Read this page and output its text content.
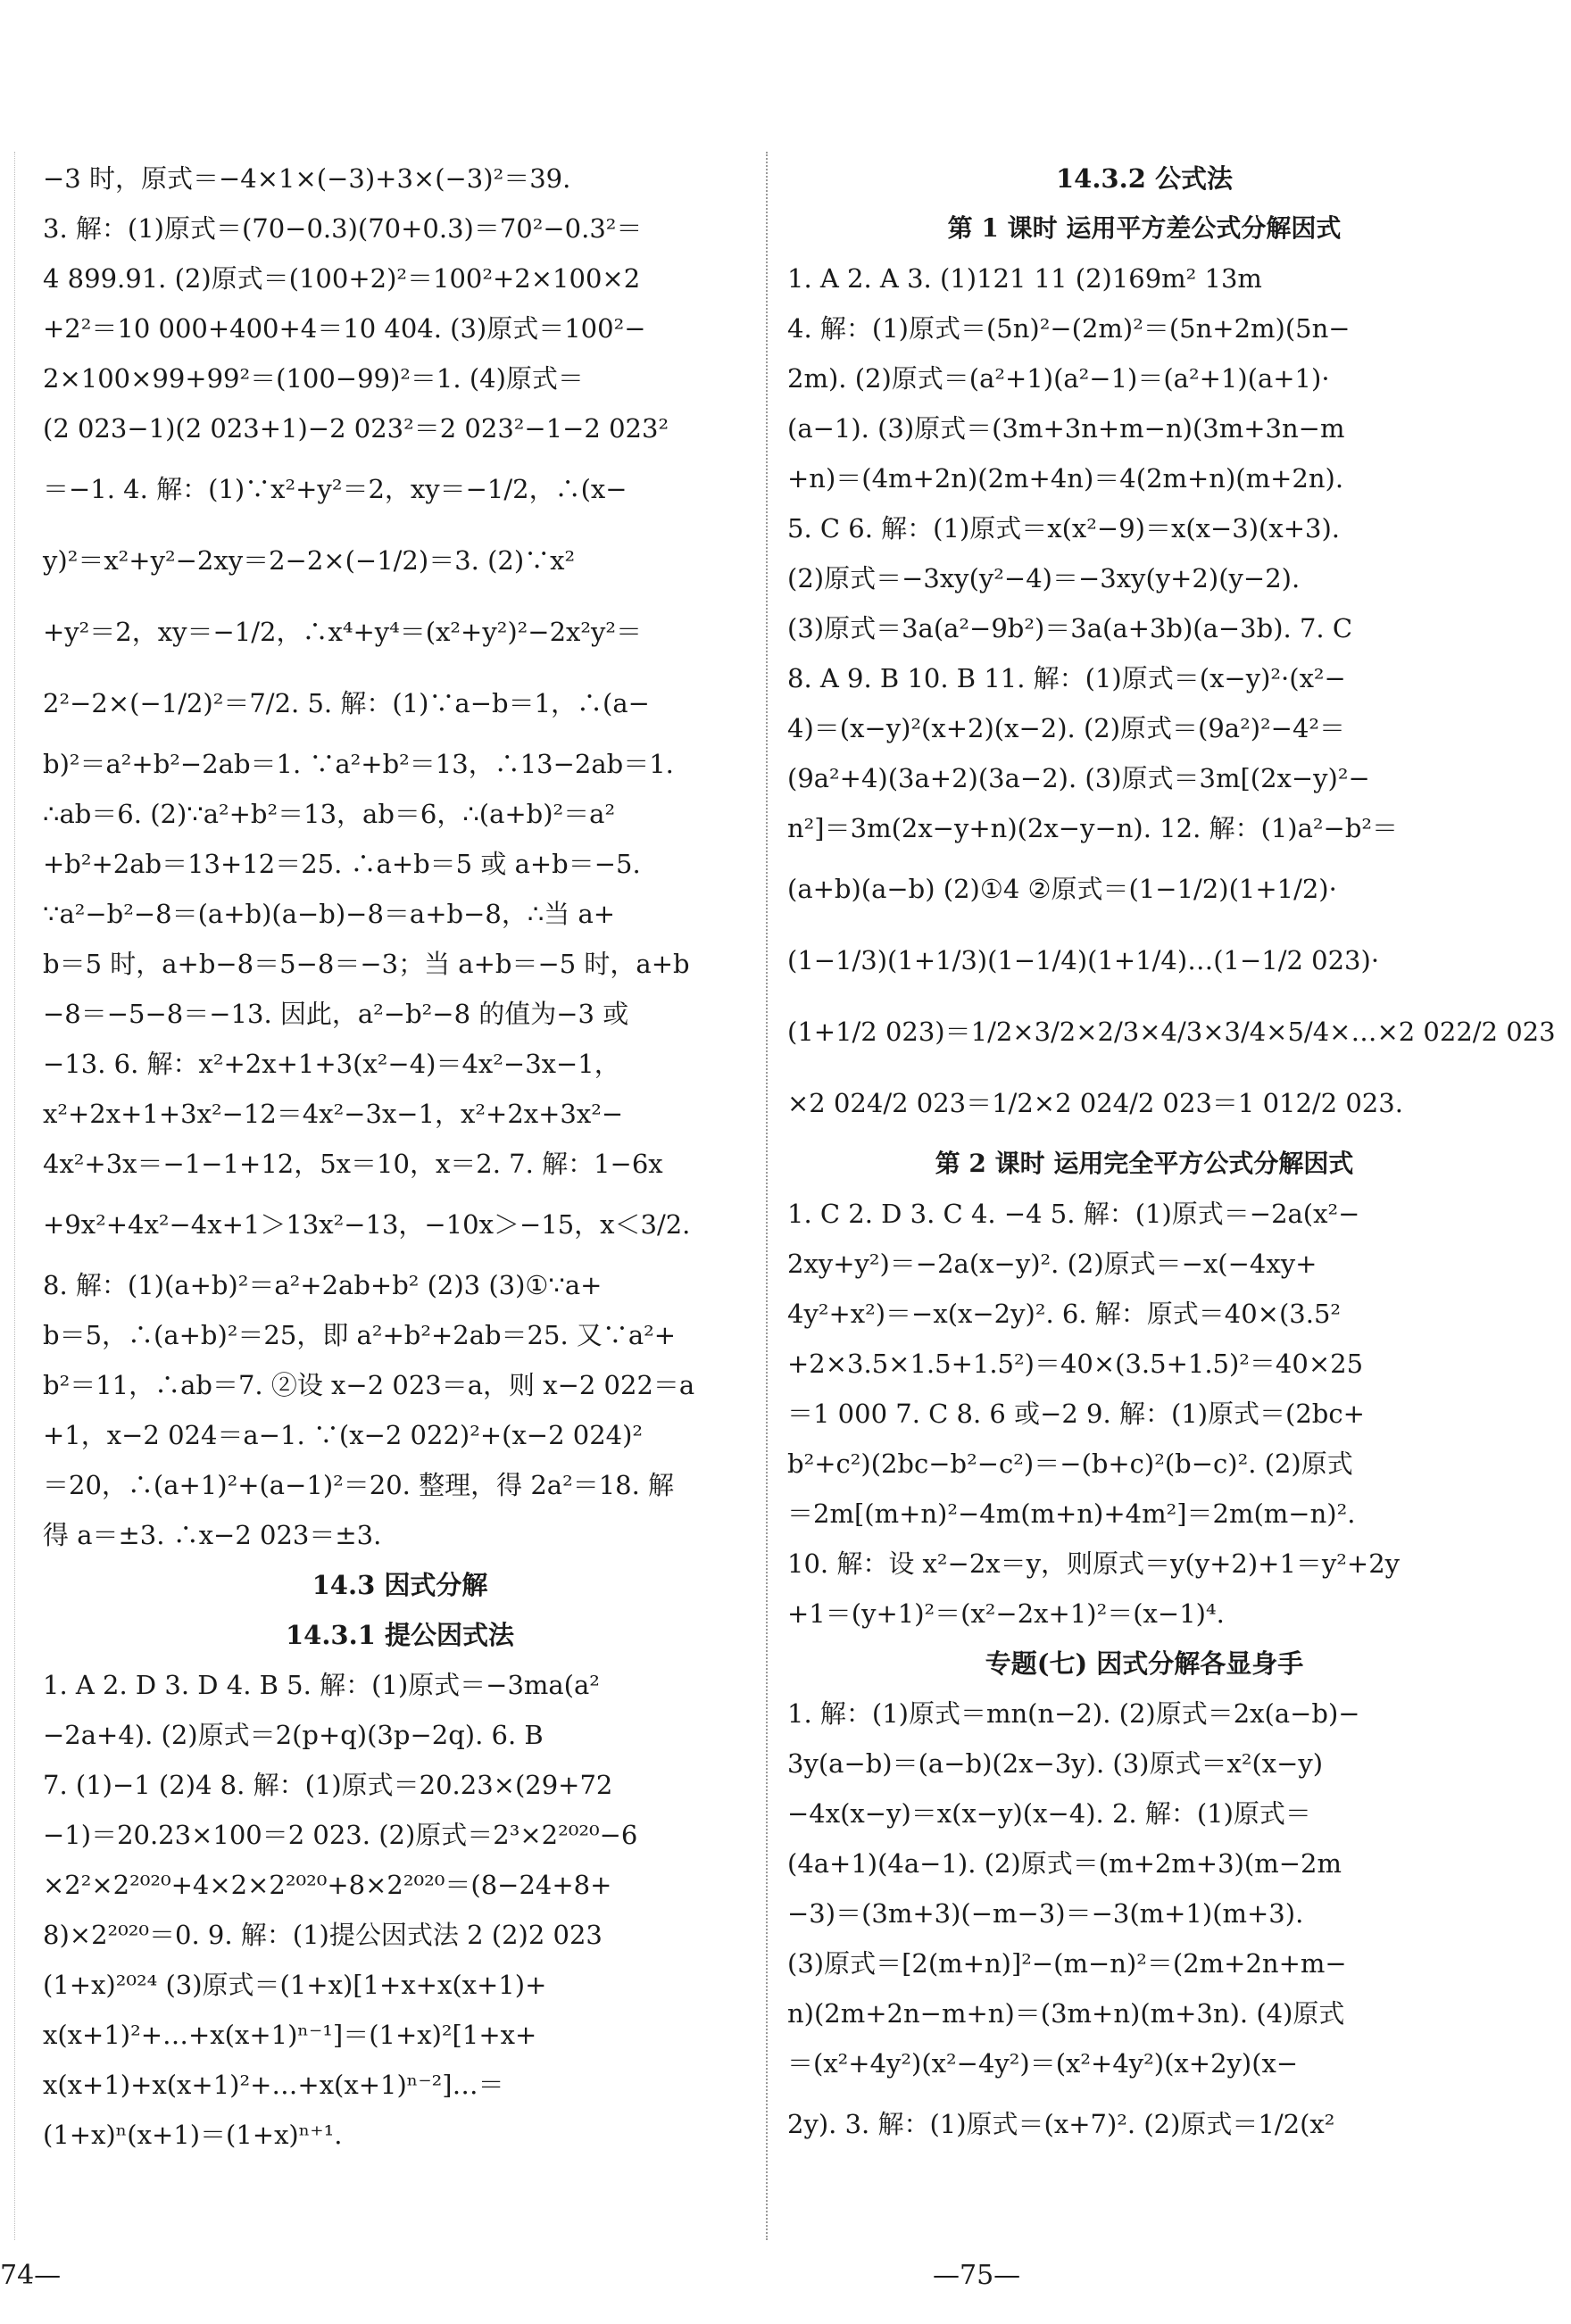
−3 时，原式＝−4×1×(−3)+3×(−3)²＝39.
3. 解：(1)原式＝(70−0.3)(70+0.3)＝70²−0.3²＝
4 899.91. (2)原式＝(100+2)²＝100²+2×100×2
+2²＝10 000+400+4＝10 404. (3)原式＝100²−
2×100×99+99²＝(100−99)²＝1. (4)原式＝
(2 023−1)(2 023+1)−2 023²＝2 023²−1−2 023²
＝−1. 4. 解：(1)∵x²+y²＝2，xy＝−1/2，∴(x−
y)²＝x²+y²−2xy＝2−2×(−1/2)＝3. (2)∵x²
+y²＝2，xy＝−1/2，∴x⁴+y⁴＝(x²+y²)²−2x²y²＝
2²−2×(−1/2)²＝7/2. 5. 解：(1)∵a−b＝1，∴(a−
b)²＝a²+b²−2ab＝1. ∵a²+b²＝13，∴13−2ab＝1.
∴ab＝6. (2)∵a²+b²＝13，ab＝6，∴(a+b)²＝a²
+b²+2ab＝13+12＝25. ∴a+b＝5 或 a+b＝−5.
∵a²−b²−8＝(a+b)(a−b)−8＝a+b−8，∴当 a+
b＝5 时，a+b−8＝5−8＝−3；当 a+b＝−5 时，a+b
−8＝−5−8＝−13. 因此，a²−b²−8 的值为−3 或
−13. 6. 解：x²+2x+1+3(x²−4)＝4x²−3x−1，
x²+2x+1+3x²−12＝4x²−3x−1，x²+2x+3x²−
4x²+3x＝−1−1+12，5x＝10，x＝2. 7. 解：1−6x
+9x²+4x²−4x+1＞13x²−13，−10x＞−15，x＜3/2.
8. 解：(1)(a+b)²＝a²+2ab+b² (2)3 (3)①∵a+
b＝5，∴(a+b)²＝25，即 a²+b²+2ab＝25. 又∵a²+
b²＝11，∴ab＝7. ②设 x−2 023＝a，则 x−2 022＝a
+1，x−2 024＝a−1. ∵(x−2 022)²+(x−2 024)²
＝20，∴(a+1)²+(a−1)²＝20. 整理，得 2a²＝18. 解
得 a＝±3. ∴x−2 023＝±3.
14.3 因式分解
14.3.1 提公因式法
1. A 2. D 3. D 4. B 5. 解：(1)原式＝−3ma(a²
−2a+4). (2)原式＝2(p+q)(3p−2q). 6. B
7. (1)−1 (2)4 8. 解：(1)原式＝20.23×(29+72
−1)＝20.23×100＝2 023. (2)原式＝2³×2²⁰²⁰−6
×2²×2²⁰²⁰+4×2×2²⁰²⁰+8×2²⁰²⁰＝(8−24+8+
8)×2²⁰²⁰＝0. 9. 解：(1)提公因式法 2 (2)2 023
(1+x)²⁰²⁴ (3)原式＝(1+x)[1+x+x(x+1)+
x(x+1)²+…+x(x+1)ⁿ⁻¹]＝(1+x)²[1+x+
x(x+1)+x(x+1)²+…+x(x+1)ⁿ⁻²]…＝
(1+x)ⁿ(x+1)＝(1+x)ⁿ⁺¹.
14.3.2 公式法
第 1 课时 运用平方差公式分解因式
1. A 2. A 3. (1)121 11 (2)169m² 13m
4. 解：(1)原式＝(5n)²−(2m)²＝(5n+2m)(5n−
2m). (2)原式＝(a²+1)(a²−1)＝(a²+1)(a+1)·
(a−1). (3)原式＝(3m+3n+m−n)(3m+3n−m
+n)＝(4m+2n)(2m+4n)＝4(2m+n)(m+2n).
5. C 6. 解：(1)原式＝x(x²−9)＝x(x−3)(x+3).
(2)原式＝−3xy(y²−4)＝−3xy(y+2)(y−2).
(3)原式＝3a(a²−9b²)＝3a(a+3b)(a−3b). 7. C
8. A 9. B 10. B 11. 解：(1)原式＝(x−y)²·(x²−
4)＝(x−y)²(x+2)(x−2). (2)原式＝(9a²)²−4²＝
(9a²+4)(3a+2)(3a−2). (3)原式＝3m[(2x−y)²−
n²]＝3m(2x−y+n)(2x−y−n). 12. 解：(1)a²−b²＝
(a+b)(a−b) (2)①4 ②原式＝(1−1/2)(1+1/2)·
(1−1/3)(1+1/3)(1−1/4)(1+1/4)…(1−1/2 023)·
(1+1/2 023)＝1/2×3/2×2/3×4/3×3/4×5/4×…×2 022/2 023
×2 024/2 023＝1/2×2 024/2 023＝1 012/2 023.
第 2 课时 运用完全平方公式分解因式
1. C 2. D 3. C 4. −4 5. 解：(1)原式＝−2a(x²−
2xy+y²)＝−2a(x−y)². (2)原式＝−x(−4xy+
4y²+x²)＝−x(x−2y)². 6. 解：原式＝40×(3.5²
+2×3.5×1.5+1.5²)＝40×(3.5+1.5)²＝40×25
＝1 000 7. C 8. 6 或−2 9. 解：(1)原式＝(2bc+
b²+c²)(2bc−b²−c²)＝−(b+c)²(b−c)². (2)原式
＝2m[(m+n)²−4m(m+n)+4m²]＝2m(m−n)².
10. 解：设 x²−2x＝y，则原式＝y(y+2)+1＝y²+2y
+1＝(y+1)²＝(x²−2x+1)²＝(x−1)⁴.
专题(七) 因式分解各显身手
1. 解：(1)原式＝mn(n−2). (2)原式＝2x(a−b)−
3y(a−b)＝(a−b)(2x−3y). (3)原式＝x²(x−y)
−4x(x−y)＝x(x−y)(x−4). 2. 解：(1)原式＝
(4a+1)(4a−1). (2)原式＝(m+2m+3)(m−2m
−3)＝(3m+3)(−m−3)＝−3(m+1)(m+3).
(3)原式＝[2(m+n)]²−(m−n)²＝(2m+2n+m−
n)(2m+2n−m+n)＝(3m+n)(m+3n). (4)原式
＝(x²+4y²)(x²−4y²)＝(x²+4y²)(x+2y)(x−
2y). 3. 解：(1)原式＝(x+7)². (2)原式＝1/2(x²
74—	—75—
